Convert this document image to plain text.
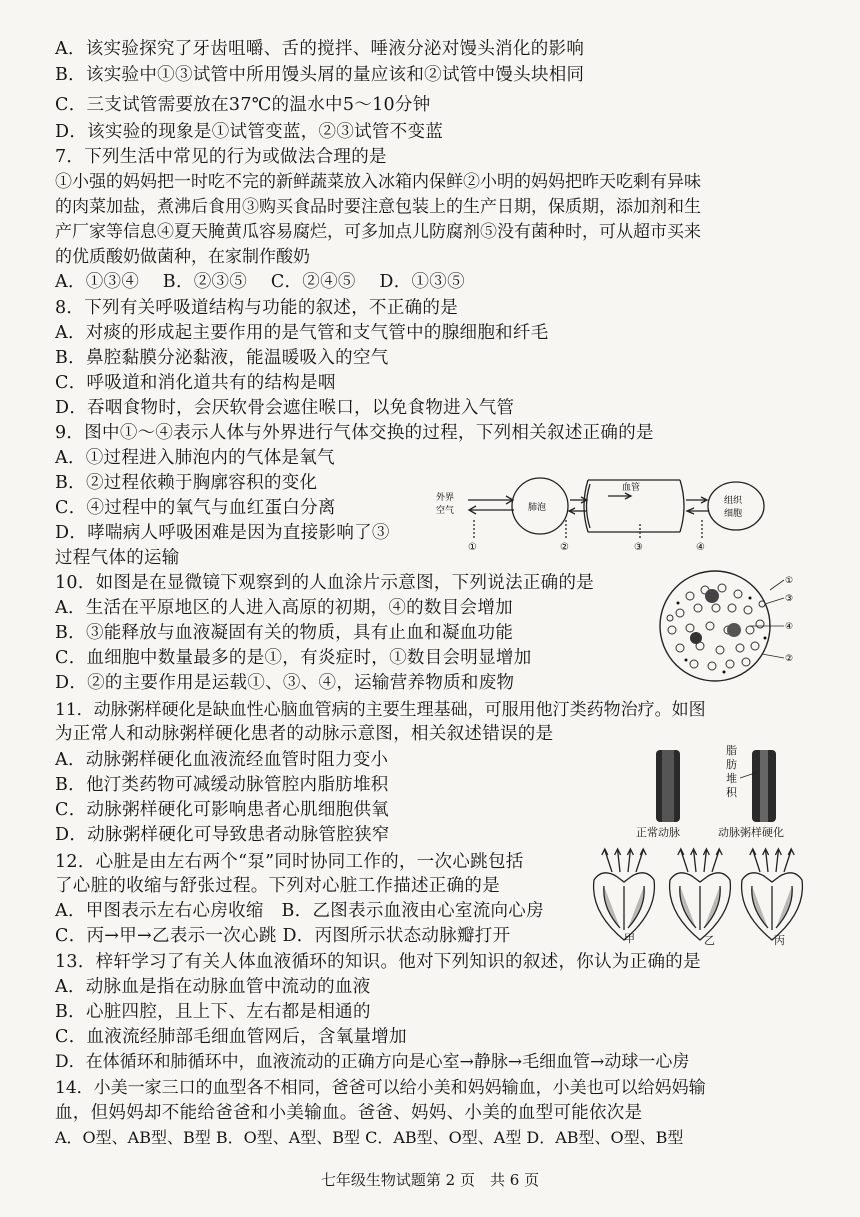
A．该实验探究了牙齿咀嚼、舌的搅拌、唾液分泌对馒头消化的影响
B．该实验中①③试管中所用馒头屑的量应该和②试管中馒头块相同
C．三支试管需要放在37℃的温水中5～10分钟
D．该实验的现象是①试管变蓝，②③试管不变蓝
7．下列生活中常见的行为或做法合理的是
①小强的妈妈把一时吃不完的新鲜蔬菜放入冰箱内保鲜②小明的妈妈把昨天吃剩有异味
的肉菜加盐，煮沸后食用③购买食品时要注意包装上的生产日期，保质期，添加剂和生
产厂家等信息④夏天腌黄瓜容易腐烂，可多加点儿防腐剂⑤没有菌种时，可从超市买来
的优质酸奶做菌种，在家制作酸奶
A．①③④　 B．②③⑤　 C．②④⑤　 D．①③⑤
8．下列有关呼吸道结构与功能的叙述，不正确的是
A．对痰的形成起主要作用的是气管和支气管中的腺细胞和纤毛
B．鼻腔黏膜分泌黏液，能温暖吸入的空气
C．呼吸道和消化道共有的结构是咽
D．吞咽食物时，会厌软骨会遮住喉口，以免食物进入气管
9．图中①～④表示人体与外界进行气体交换的过程，下列相关叙述正确的是
A．①过程进入肺泡内的气体是氧气
B．②过程依赖于胸廓容积的变化
C．④过程中的氧气与血红蛋白分离
D．哮喘病人呼吸困难是因为直接影响了③
过程气体的运输
外界
空气	肺泡
血管
组织
细胞
①	②	③	④
10．如图是在显微镜下观察到的人血涂片示意图，下列说法正确的是
A．生活在平原地区的人进入高原的初期，④的数目会增加
B．③能释放与血液凝固有关的物质，具有止血和凝血功能
C．血细胞中数量最多的是①，有炎症时，①数目会明显增加
D．②的主要作用是运载①、③、④，运输营养物质和废物
①
③
④
②
11．动脉粥样硬化是缺血性心脑血管病的主要生理基础，可服用他汀类药物治疗。如图
为正常人和动脉粥样硬化患者的动脉示意图，相关叙述错误的是
A．动脉粥样硬化血液流经血管时阻力变小
B．他汀类药物可减缓动脉管腔内脂肪堆积
C．动脉粥样硬化可影响患者心肌细胞供氧
D．动脉粥样硬化可导致患者动脉管腔狭窄
脂
肪
堆
积
正常动脉	动脉粥样硬化
12．心脏是由左右两个“泵”同时协同工作的，一次心跳包括
了心脏的收缩与舒张过程。下列对心脏工作描述正确的是
A．甲图表示左右心房收缩　B．乙图表示血液由心室流向心房
C．丙→甲→乙表示一次心跳 D．丙图所示状态动脉瓣打开	甲	乙	丙
13．梓轩学习了有关人体血液循环的知识。他对下列知识的叙述，你认为正确的是
A．动脉血是指在动脉血管中流动的血液
B．心脏四腔，且上下、左右都是相通的
C．血液流经肺部毛细血管网后，含氧量增加
D．在体循环和肺循环中，血液流动的正确方向是心室→静脉→毛细血管→动球一心房
14．小美一家三口的血型各不相同，爸爸可以给小美和妈妈输血，小美也可以给妈妈输
血，但妈妈却不能给爸爸和小美输血。爸爸、妈妈、小美的血型可能依次是
A．O型、AB型、B型 B．O型、A型、B型 C．AB型、O型、A型 D．AB型、O型、B型
七年级生物试题第 2 页　共 6 页
